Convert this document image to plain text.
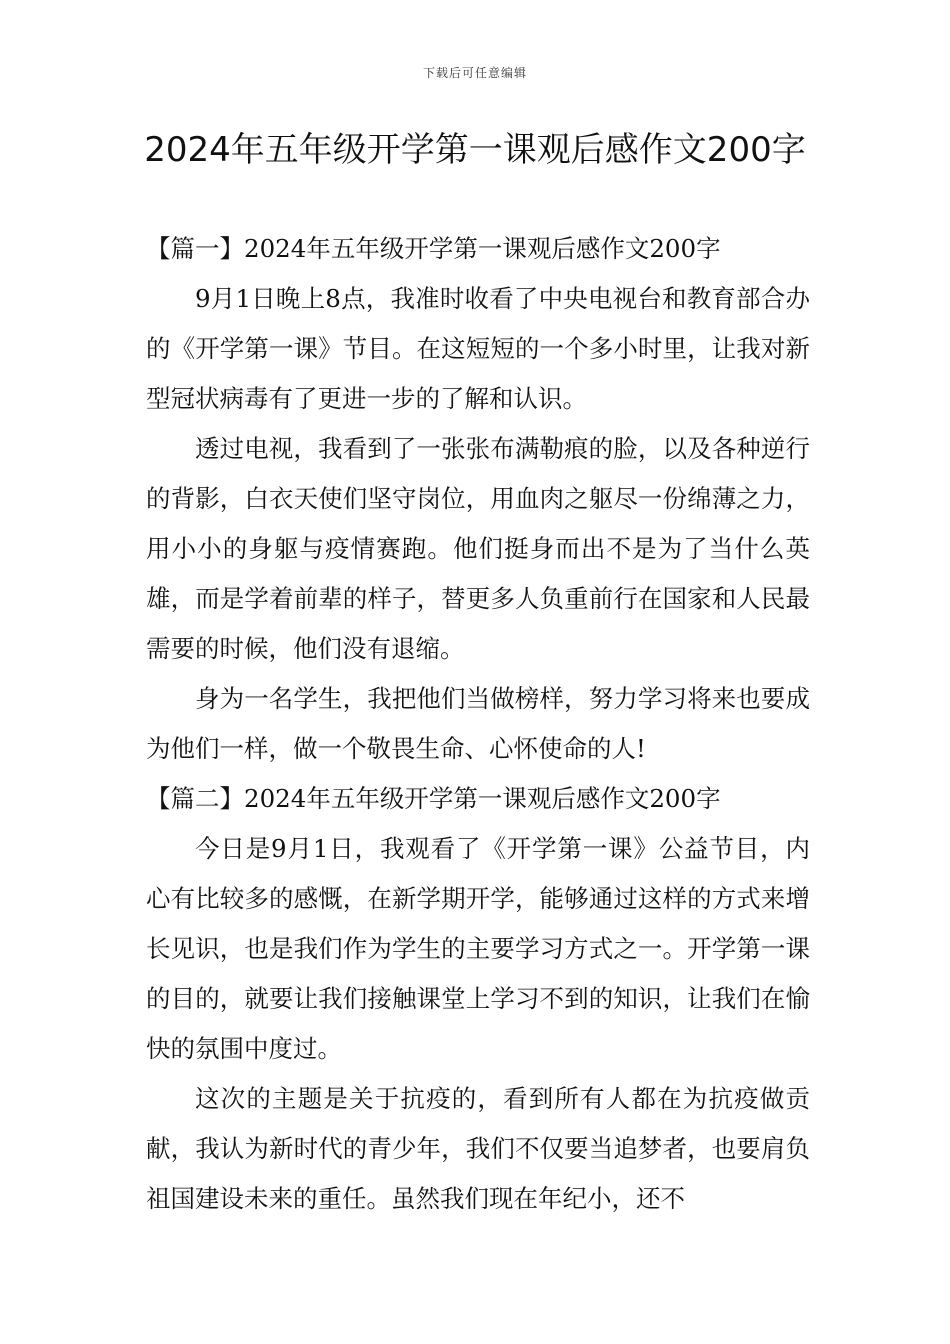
下载后可任意编辑
2024年五年级开学第一课观后感作文200字

【篇一】2024年五年级开学第一课观后感作文200字

9月1日晚上8点，我准时收看了中央电视台和教育部合办的《开学第一课》节目。在这短短的一个多小时里，让我对新型冠状病毒有了更进一步的了解和认识。

透过电视，我看到了一张张布满勒痕的脸，以及各种逆行的背影，白衣天使们坚守岗位，用血肉之躯尽一份绵薄之力，用小小的身躯与疫情赛跑。他们挺身而出不是为了当什么英雄，而是学着前辈的样子，替更多人负重前行在国家和人民最需要的时候，他们没有退缩。

身为一名学生，我把他们当做榜样，努力学习将来也要成为他们一样，做一个敬畏生命、心怀使命的人!

【篇二】2024年五年级开学第一课观后感作文200字

今日是9月1日，我观看了《开学第一课》公益节目，内心有比较多的感慨，在新学期开学，能够通过这样的方式来增长见识，也是我们作为学生的主要学习方式之一。开学第一课的目的，就要让我们接触课堂上学习不到的知识，让我们在愉快的氛围中度过。

这次的主题是关于抗疫的，看到所有人都在为抗疫做贡献，我认为新时代的青少年，我们不仅要当追梦者，也要肩负祖国建设未来的重任。虽然我们现在年纪小，还不
